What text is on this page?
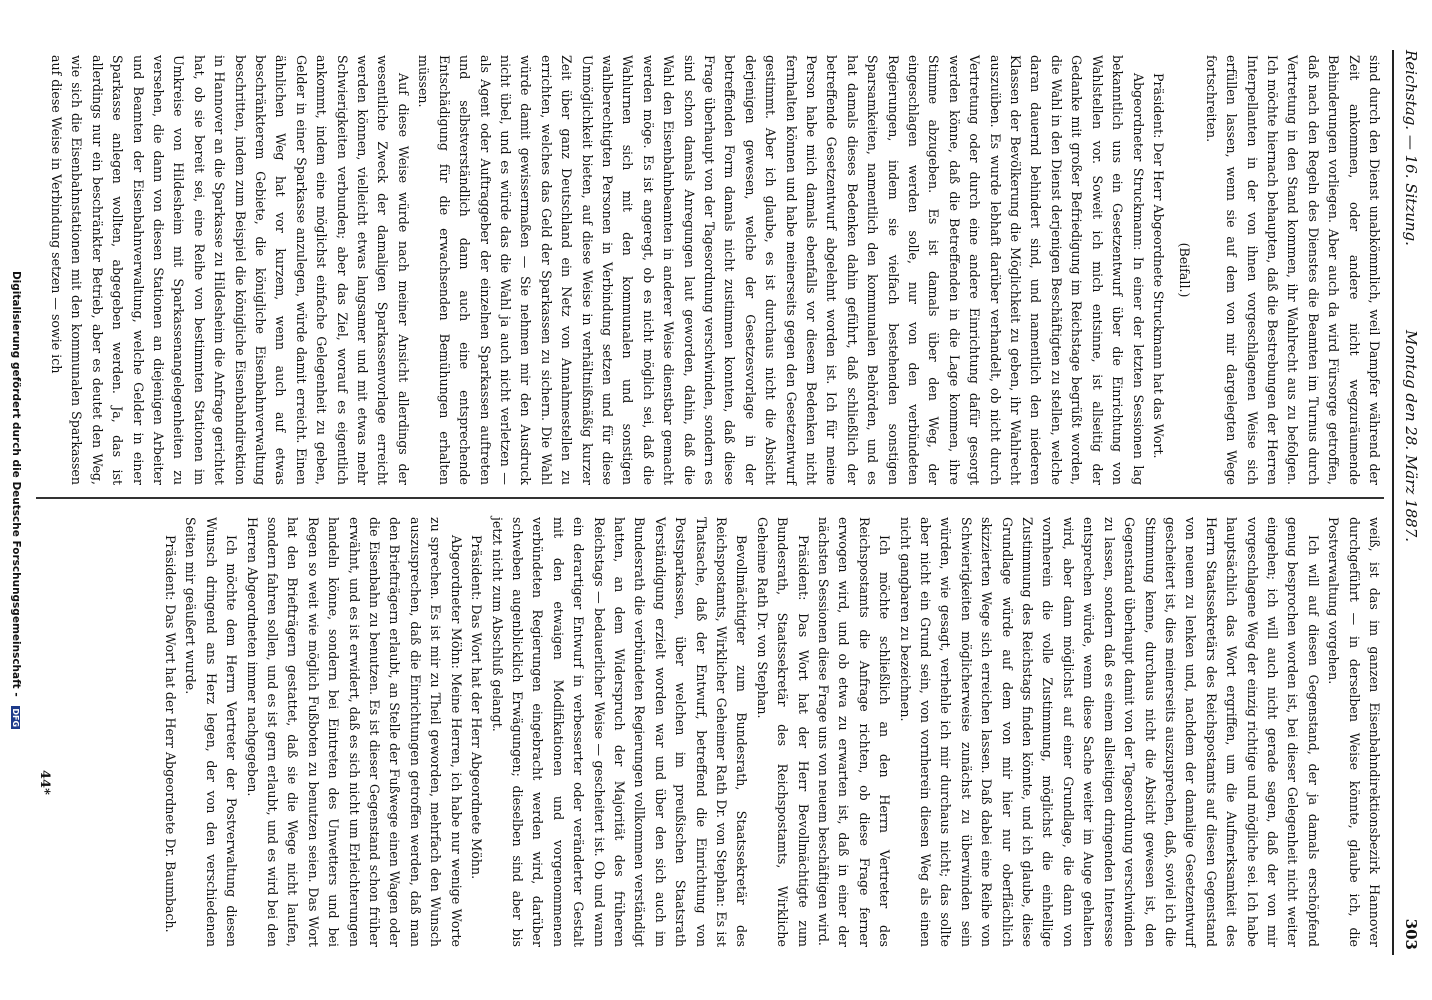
Reichstag. — 16. Sitzung.
Montag den 28. März 1887.
303

sind durch den Dienst unabkömmlich, weil Dampfer während der Zeit ankommen, oder andere nicht wegzuräumende Behinderungen vorliegen. Aber auch da wird Fürsorge getroffen, daß nach den Regeln des Dienstes die Beamten im Turnus durch Vertretung in den Stand kommen, ihr Wahlrecht aus zu befolgen. Ich möchte hiernach behaupten, daß die Bestrebungen der Herren Interpellanten in der von ihnen vorgeschlagenen Weise sich erfüllen lassen, wenn sie auf dem von mir dargelegten Wege fortschreiten.

(Beifall.)

Präsident: Der Herr Abgeordnete Struckmann hat das Wort.

Abgeordneter Struckmann: In einer der letzten Sessionen lag bekanntlich uns ein Gesetzentwurf über die Einrichtung von Wahlstellen vor. Soweit ich mich entsinne, ist allseitig der Gedanke mit großer Befriedigung im Reichstage begrüßt worden, die Wahl in den Dienst derjenigen Beschäftigten zu stellen, welche daran dauernd behindert sind, und namentlich den niederen Klassen der Bevölkerung die Möglichkeit zu geben, ihr Wahlrecht auszuüben. Es wurde lebhaft darüber verhandelt, ob nicht durch Vertretung oder durch eine andere Einrichtung dafür gesorgt werden könne, daß die Betreffenden in die Lage kommen, ihre Stimme abzugeben. Es ist damals über den Weg, der eingeschlagen werden solle, nur von den verbündeten Regierungen, indem sie vielfach bestehenden sonstigen Sparsamkeiten, namentlich den kommunalen Behörden, und es hat damals dieses Bedenken dahin geführt, daß schließlich der betreffende Gesetzentwurf abgelehnt worden ist. Ich für meine Person habe mich damals ebenfalls vor diesem Bedenken nicht fernhalten können und habe meinerseits gegen den Gesetzentwurf gestimmt. Aber ich glaube, es ist durchaus nicht die Absicht derjenigen gewesen, welche der Gesetzesvorlage in der betreffenden Form damals nicht zustimmen konnten, daß diese Frage überhaupt von der Tagesordnung verschwinden, sondern es sind schon damals Anregungen laut geworden, dahin, daß die Wahl den Eisenbahnbeamten in anderer Weise dienstbar gemacht werden möge. Es ist angeregt, ob es nicht möglich sei, daß die Wahlurnen sich mit den kommunalen und sonstigen wahlberechtigten Personen in Verbindung setzen und für diese Unmöglichkeit bieten, auf diese Weise in verhältnißmäßig kurzer Zeit über ganz Deutschland ein Netz von Annahmestellen zu errichten, welches das Geld der Sparkassen zu sichern. Die Wahl würde damit gewissermaßen — Sie nehmen mir den Ausdruck nicht übel, und es würde das die Wahl ja auch nicht verletzen — als Agent oder Auftraggeber der einzelnen Sparkassen auftreten und selbstverständlich dann auch eine entsprechende Entschädigung für die erwachsenden Bemühungen erhalten müssen.

Auf diese Weise würde nach meiner Ansicht allerdings der wesentliche Zweck der damaligen Sparkassenvorlage erreicht werden können, vielleicht etwas langsamer und mit etwas mehr Schwierigkeiten verbunden; aber das Ziel, worauf es eigentlich ankommt, indem eine möglichst einfache Gelegenheit zu geben, Gelder in einer Sparkasse anzulegen, würde damit erreicht. Einen ähnlichen Weg hat vor kurzem, wenn auch auf etwas beschränkterem Gebiete, die königliche Eisenbahnverwaltung beschritten, indem zum Beispiel die königliche Eisenbahndirektion in Hannover an die Sparkasse zu Hildesheim die Anfrage gerichtet hat, ob sie bereit sei, eine Reihe von bestimmten Stationen im Umkreise von Hildesheim mit Sparkassenangelegenheiten zu versehen, die dann von diesen Stationen an diejenigen Arbeiter und Beamten der Eisenbahnverwaltung, welche Gelder in einer Sparkasse anlegen wollten, abgegeben werden. Ja, das ist allerdings nur ein beschränkter Betrieb, aber es deutet den Weg, wie sich die Eisenbahnstationen mit den kommunalen Sparkassen auf diese Weise in Verbindung setzen — sowie ich

weiß, ist das im ganzen Eisenbahndirektionsbezirk Hannover durchgeführt — in derselben Weise könnte, glaube ich, die Postverwaltung vorgehen.

Ich will auf diesen Gegenstand, der ja damals erschöpfend genug besprochen worden ist, bei dieser Gelegenheit nicht weiter eingehen; ich will auch nicht gerade sagen, daß der von mir vorgeschlagene Weg der einzig richtige und mögliche sei. Ich habe hauptsächlich das Wort ergriffen, um die Aufmerksamkeit des Herrn Staatssekretärs des Reichspostamts auf diesen Gegenstand von neuem zu lenken und, nachdem der damalige Gesetzentwurf gescheitert ist, dies meinerseits auszusprechen, daß, soviel ich die Stimmung kenne, durchaus nicht die Absicht gewesen ist, den Gegenstand überhaupt damit von der Tagesordnung verschwinden zu lassen, sondern daß es einem allseitigen dringenden Interesse entsprechen würde, wenn diese Sache weiter im Auge gehalten wird, aber dann möglichst auf einer Grundlage, die dann von vornherein die volle Zustimmung, möglichst die einhellige Zustimmung des Reichstags finden könnte, und ich glaube, diese Grundlage würde auf dem von mir hier nur oberflächlich skizzierten Wege sich erreichen lassen. Daß dabei eine Reihe von Schwierigkeiten möglicherweise zunächst zu überwinden sein würden, wie gesagt, verhehle ich mir durchaus nicht; das sollte aber nicht ein Grund sein, von vornherein diesen Weg als einen nicht gangbaren zu bezeichnen.

Ich möchte schließlich an den Herrn Vertreter des Reichspostamts die Anfrage richten, ob diese Frage ferner erwogen wird, und ob etwa zu erwarten ist, daß in einer der nächsten Sessionen diese Frage uns von neuem beschäftigen wird.

Präsident: Das Wort hat der Herr Bevollmächtigte zum Bundesrath, Staatssekretär des Reichspostamts, Wirkliche Geheime Rath Dr. von Stephan.

Bevollmächtigter zum Bundesrath, Staatssekretär des Reichspostamts, Wirklicher Geheimer Rath Dr. von Stephan: Es ist Thatsache, daß der Entwurf, betreffend die Einrichtung von Postsparkassen, über welchen im preußischen Staatsrath Verständigung erzielt worden war und über den sich auch im Bundesrath die verbündeten Regierungen vollkommen verständigt hatten, an dem Widerspruch der Majorität des früheren Reichstags — bedauerlicher Weise — gescheitert ist. Ob und wann ein derartiger Entwurf in verbesserter oder veränderter Gestalt mit den etwaigen Modifikationen und vorgenommenen verbündeten Regierungen eingebracht werden wird, darüber schweben augenblicklich Erwägungen; dieselben sind aber bis jetzt nicht zum Abschluß gelangt.

Präsident: Das Wort hat der Herr Abgeordnete Möhn.

Abgeordneter Möhn: Meine Herren, ich habe nur wenige Worte zu sprechen. Es ist mir zu Theil geworden, mehrfach den Wunsch auszusprechen, daß die Einrichtungen getroffen werden, daß man den Briefträgern erlaubt, an Stelle der Fußwege einen Wagen oder die Eisenbahn zu benutzen. Es ist dieser Gegenstand schon früher erwähnt, und es ist erwidert, daß es sich nicht um Erleichterungen handeln könne, sondern bei Eintreten des Unwetters und bei Regen so weit wie möglich Fußboten zu benutzen seien. Das Wort hat den Briefträgern gestattet, daß sie die Wege nicht laufen, sondern fahren sollen, und es ist gern erlaubt, und es wird bei den Herren Abgeordneten immer nachgegeben.

Ich möchte dem Herrn Vertreter der Postverwaltung diesen Wunsch dringend ans Herz legen, der von den verschiedenen Seiten mir geäußert wurde.

Präsident: Das Wort hat der Herr Abgeordnete Dr. Baumbach.

44*
Digitalisierung gefördert durch die Deutsche Forschungsgemeinschaft - DFG
